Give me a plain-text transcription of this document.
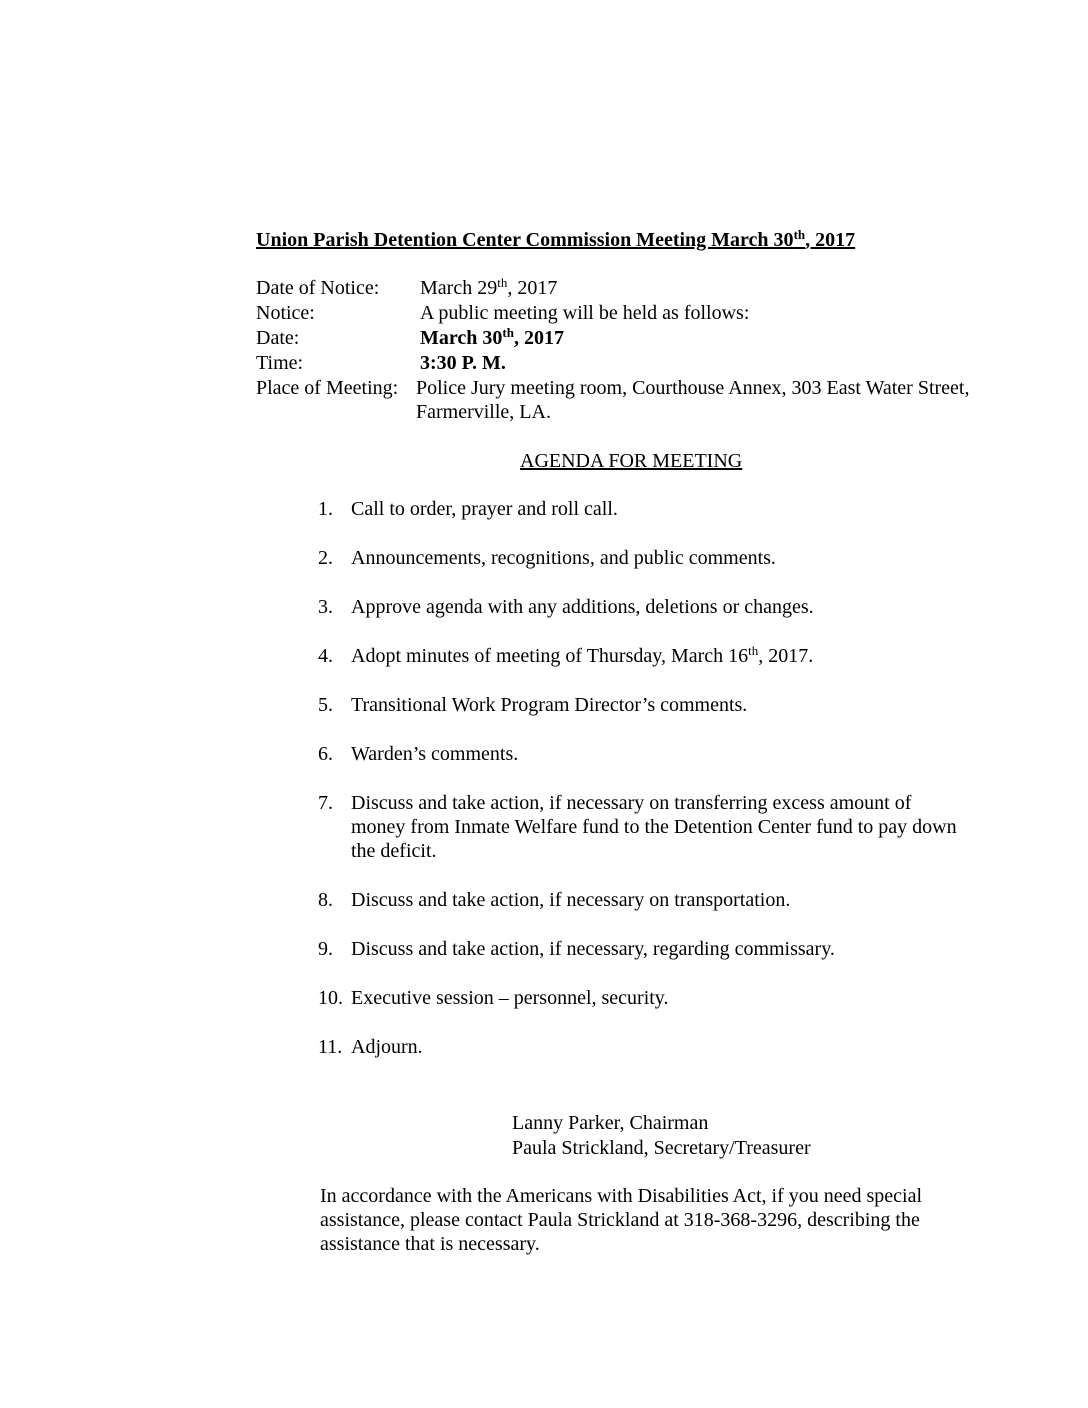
Union Parish Detention Center Commission Meeting March 30th, 2017
Date of Notice:	March 29th, 2017
Notice:	A public meeting will be held as follows:
Date:	March 30th, 2017
Time:	3:30 P. M.
Place of Meeting: Police Jury meeting room, Courthouse Annex, 303 East Water Street, Farmerville, LA.
AGENDA FOR MEETING
1. Call to order, prayer and roll call.
2. Announcements, recognitions, and public comments.
3. Approve agenda with any additions, deletions or changes.
4. Adopt minutes of meeting of Thursday, March 16th, 2017.
5. Transitional Work Program Director’s comments.
6. Warden’s comments.
7. Discuss and take action, if necessary on transferring excess amount of money from Inmate Welfare fund to the Detention Center fund to pay down the deficit.
8. Discuss and take action, if necessary on transportation.
9. Discuss and take action, if necessary, regarding commissary.
10. Executive session – personnel, security.
11. Adjourn.
Lanny Parker, Chairman
Paula Strickland, Secretary/Treasurer
In accordance with the Americans with Disabilities Act, if you need special assistance, please contact Paula Strickland at 318-368-3296, describing the assistance that is necessary.
